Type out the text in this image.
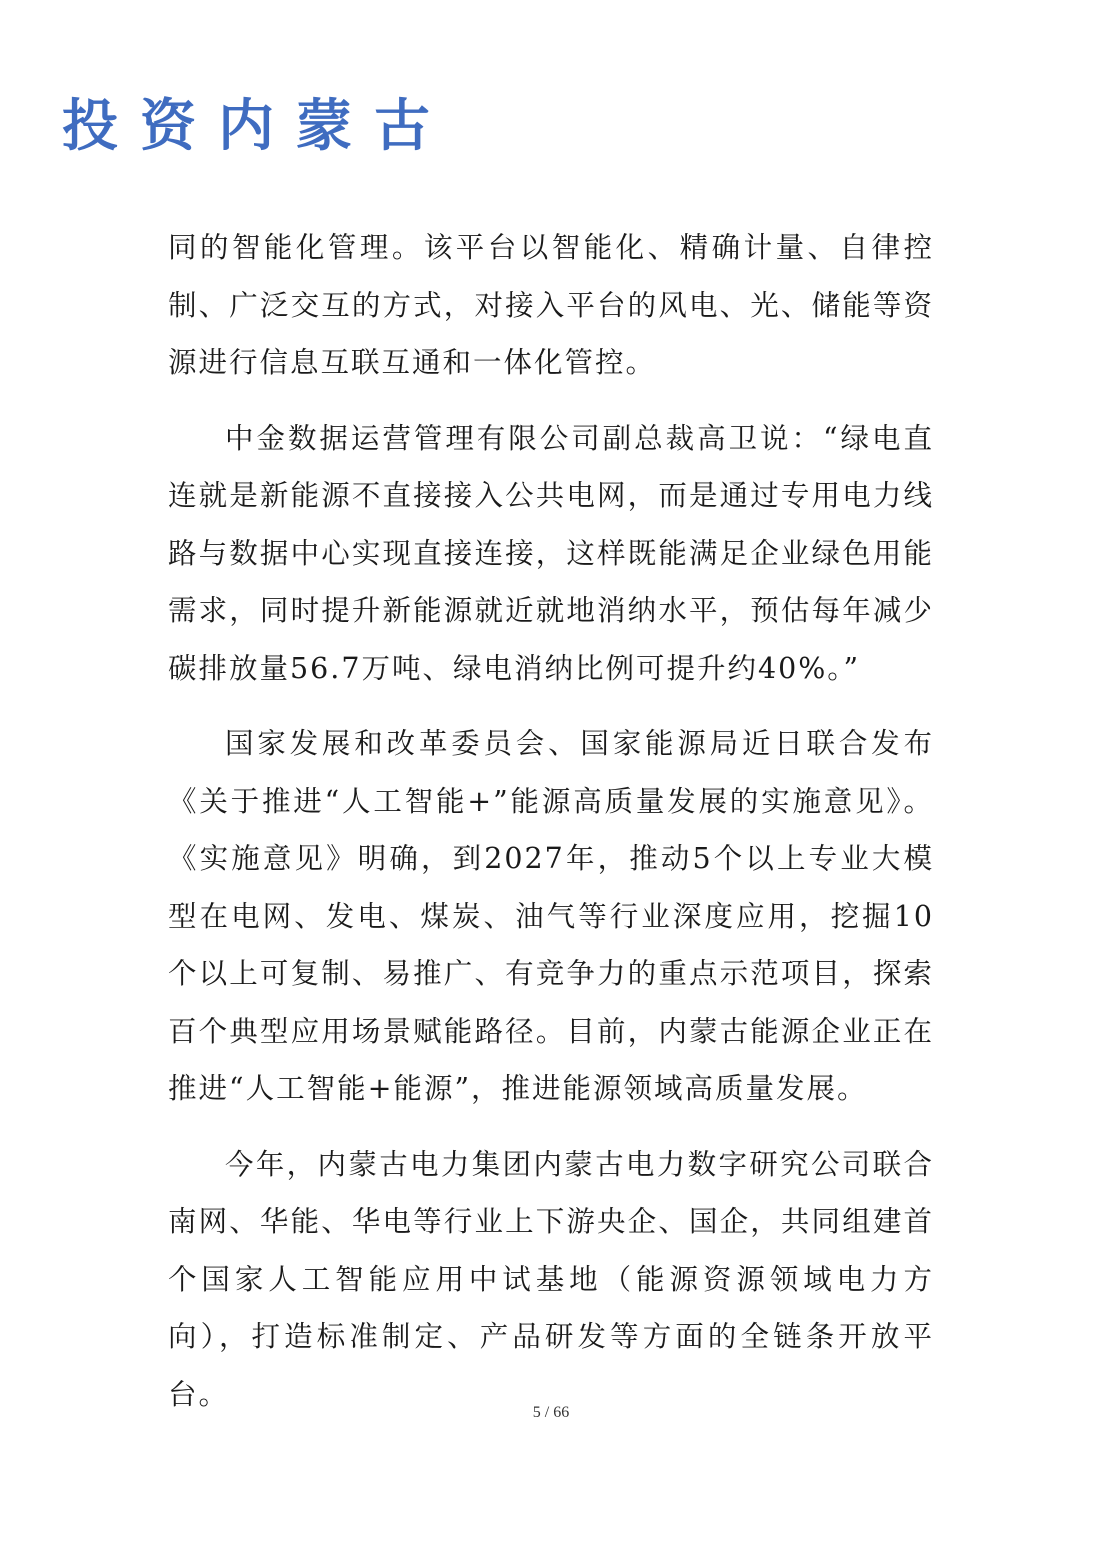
投资内蒙古

同的智能化管理。该平台以智能化、精确计量、自律控制、广泛交互的方式，对接入平台的风电、光、储能等资源进行信息互联互通和一体化管控。

中金数据运营管理有限公司副总裁高卫说：“绿电直连就是新能源不直接接入公共电网，而是通过专用电力线路与数据中心实现直接连接，这样既能满足企业绿色用能需求，同时提升新能源就近就地消纳水平，预估每年减少碳排放量56.7万吨、绿电消纳比例可提升约40%。”

国家发展和改革委员会、国家能源局近日联合发布《关于推进“人工智能+”能源高质量发展的实施意见》。《实施意见》明确，到2027年，推动5个以上专业大模型在电网、发电、煤炭、油气等行业深度应用，挖掘10个以上可复制、易推广、有竞争力的重点示范项目，探索百个典型应用场景赋能路径。目前，内蒙古能源企业正在推进“人工智能+能源”，推进能源领域高质量发展。

今年，内蒙古电力集团内蒙古电力数字研究公司联合南网、华能、华电等行业上下游央企、国企，共同组建首个国家人工智能应用中试基地（能源资源领域电力方向），打造标准制定、产品研发等方面的全链条开放平台。

5 / 66
